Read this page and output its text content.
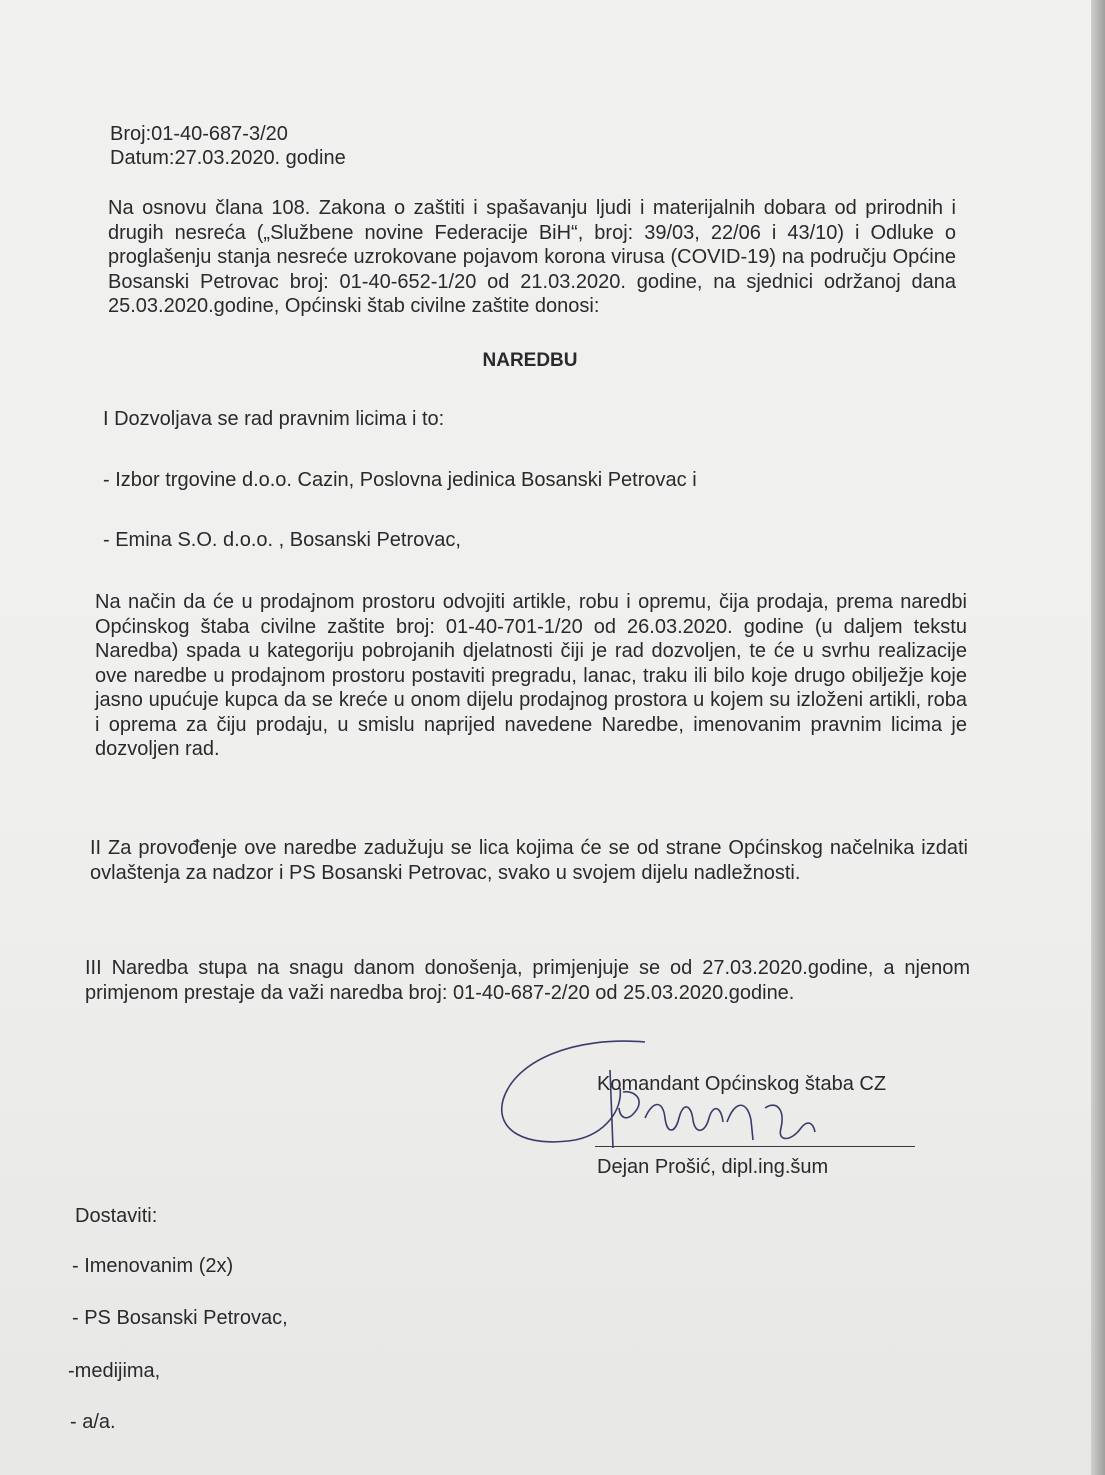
Broj:01-40-687-3/20
Datum:27.03.2020. godine
Na osnovu člana 108. Zakona o zaštiti i spašavanju ljudi i materijalnih dobara od prirodnih i drugih nesreća („Službene novine Federacije BiH“, broj: 39/03, 22/06 i 43/10) i Odluke o proglašenju stanja nesreće uzrokovane pojavom korona virusa (COVID-19) na području Općine Bosanski Petrovac broj: 01-40-652-1/20 od 21.03.2020. godine, na sjednici održanoj dana 25.03.2020.godine, Općinski štab civilne zaštite donosi:
NAREDBU
I Dozvoljava se rad pravnim licima i to:
- Izbor trgovine d.o.o. Cazin, Poslovna jedinica Bosanski Petrovac i
- Emina S.O. d.o.o. , Bosanski Petrovac,
Na način da će u prodajnom prostoru odvojiti artikle, robu i opremu, čija prodaja, prema naredbi Općinskog štaba civilne zaštite broj: 01-40-701-1/20 od 26.03.2020. godine (u daljem tekstu Naredba) spada u kategoriju pobrojanih djelatnosti čiji je rad dozvoljen, te će u svrhu realizacije ove naredbe u prodajnom prostoru postaviti pregradu, lanac, traku ili bilo koje drugo obilježje koje jasno upućuje kupca da se kreće u onom dijelu prodajnog prostora u kojem su izloženi artikli, roba i oprema za čiju prodaju, u smislu naprijed navedene Naredbe, imenovanim pravnim licima je dozvoljen rad.
II Za provođenje ove naredbe zadužuju se lica kojima će se od strane Općinskog načelnika izdati ovlaštenja za nadzor i PS Bosanski Petrovac, svako u svojem dijelu nadležnosti.
III Naredba stupa na snagu danom donošenja, primjenjuje se od 27.03.2020.godine, a njenom primjenom prestaje da važi naredba broj: 01-40-687-2/20 od 25.03.2020.godine.
Komandant Općinskog štaba CZ
Dejan Prošić, dipl.ing.šum
Dostaviti:
- Imenovanim (2x)
- PS Bosanski Petrovac,
-medijima,
- a/a.
